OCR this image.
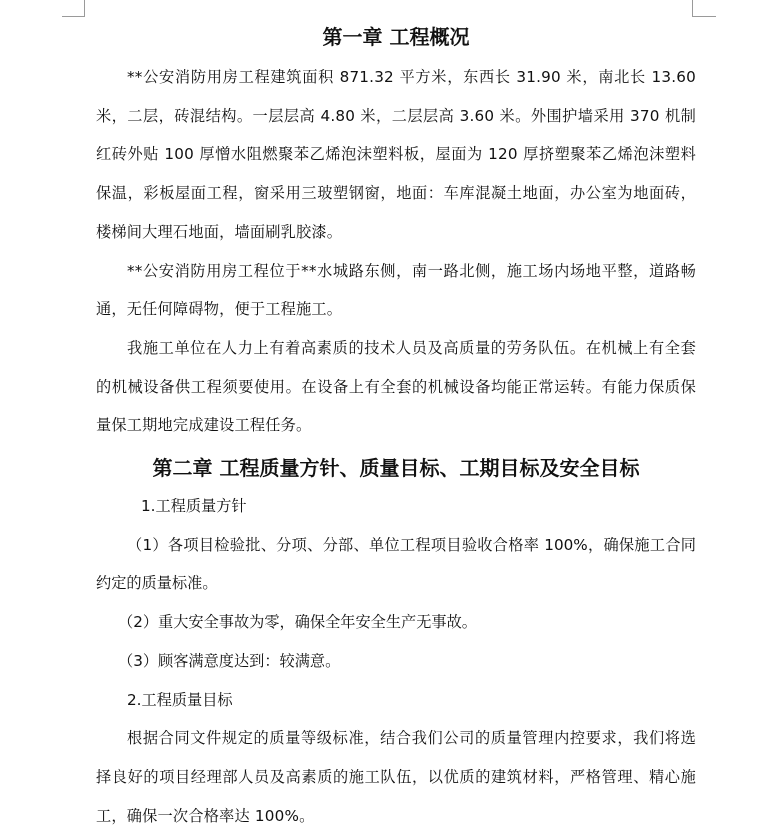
第一章 工程概况

**公安消防用房工程建筑面积 871.32 平方米，东西长 31.90 米，南北长 13.60 米，二层，砖混结构。一层层高 4.80 米，二层层高 3.60 米。外围护墙采用 370 机制红砖外贴 100 厚憎水阻燃聚苯乙烯泡沫塑料板，屋面为 120 厚挤塑聚苯乙烯泡沫塑料保温，彩板屋面工程，窗采用三玻塑钢窗，地面：车库混凝土地面，办公室为地面砖，楼梯间大理石地面，墙面刷乳胶漆。

**公安消防用房工程位于**水城路东侧，南一路北侧，施工场内场地平整，道路畅通，无任何障碍物，便于工程施工。

我施工单位在人力上有着高素质的技术人员及高质量的劳务队伍。在机械上有全套的机械设备供工程须要使用。在设备上有全套的机械设备均能正常运转。有能力保质保量保工期地完成建设工程任务。

第二章 工程质量方针、质量目标、工期目标及安全目标

1.工程质量方针

（1）各项目检验批、分项、分部、单位工程项目验收合格率 100%，确保施工合同约定的质量标准。

（2）重大安全事故为零，确保全年安全生产无事故。

（3）顾客满意度达到：较满意。

2.工程质量目标

根据合同文件规定的质量等级标准，结合我们公司的质量管理内控要求，我们将选择良好的项目经理部人员及高素质的施工队伍，以优质的建筑材料，严格管理、精心施工，确保一次合格率达 100%。
